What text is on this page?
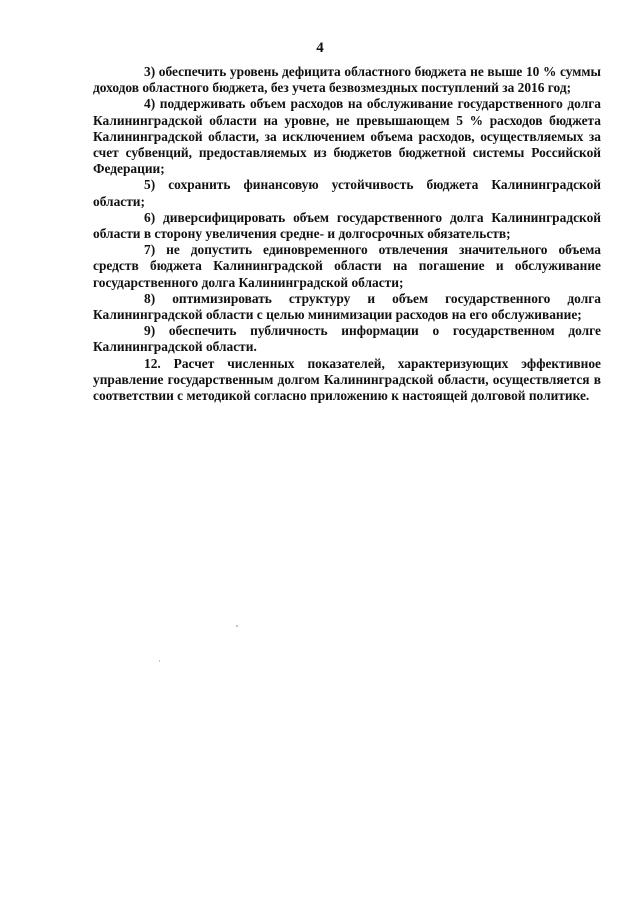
4

3) обеспечить уровень дефицита областного бюджета не выше 10 % суммы доходов областного бюджета, без учета безвозмездных поступлений за 2016 год;

4) поддерживать объем расходов на обслуживание государственного долга Калининградской области на уровне, не превышающем 5 % расходов бюджета Калининградской области, за исключением объема расходов, осуществляемых за счет субвенций, предоставляемых из бюджетов бюджетной системы Российской Федерации;

5) сохранить финансовую устойчивость бюджета Калининградской области;

6) диверсифицировать объем государственного долга Калининградской области в сторону увеличения средне- и долгосрочных обязательств;

7) не допустить единовременного отвлечения значительного объема средств бюджета Калининградской области на погашение и обслуживание государственного долга Калининградской области;

8) оптимизировать структуру и объем государственного долга Калининградской области с целью минимизации расходов на его обслуживание;

9) обеспечить публичность информации о государственном долге Калининградской области.

12. Расчет численных показателей, характеризующих эффективное управление государственным долгом Калининградской области, осуществляется в соответствии с методикой согласно приложению к настоящей долговой политике.
